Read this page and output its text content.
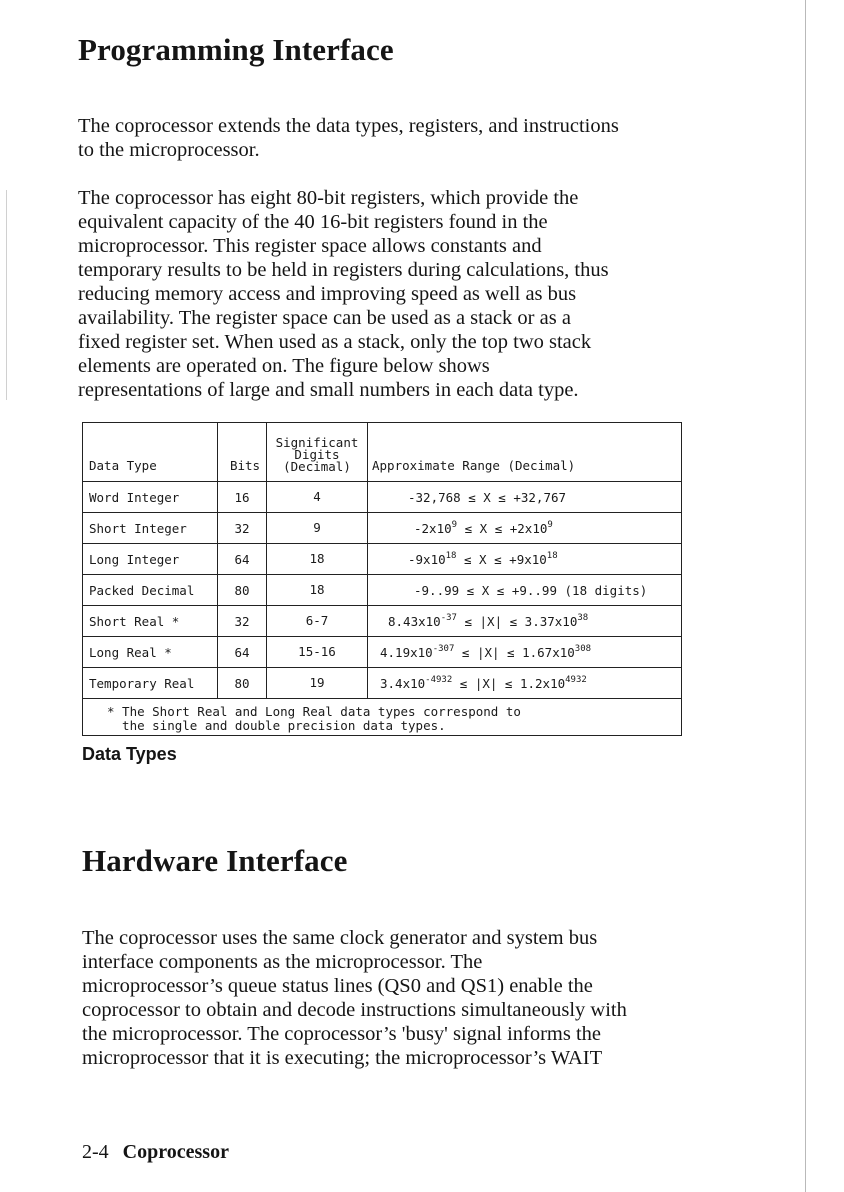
Programming Interface
The coprocessor extends the data types, registers, and instructions
to the microprocessor.
The coprocessor has eight 80-bit registers, which provide the
equivalent capacity of the 40 16-bit registers found in the
microprocessor. This register space allows constants and
temporary results to be held in registers during calculations, thus
reducing memory access and improving speed as well as bus
availability. The register space can be used as a stack or as a
fixed register set. When used as a stack, only the top two stack
elements are operated on. The figure below shows
representations of large and small numbers in each data type.
Data Type	Bits	Significant
Digits
(Decimal)	Approximate Range (Decimal)
Word Integer	16	4	-32,768 ≤ X ≤ +32,767
Short Integer	32	9	$-2x10^9 \le X \le +2x10^9$
Long Integer	64	18	$-9x10^{18} \le X \le +9x10^{18}$
Packed Decimal	80	18	-9..99 ≤ X ≤ +9..99 (18 digits)
Short Real *	32	6-7	$8.43x10^{-37} \le |X| \le 3.37x10^{38}$
Long Real *	64	15-16	$4.19x10^{-307} \le |X| \le 1.67x10^{308}$
Temporary Real	80	19	$3.4x10^{-4932} \le |X| \le 1.2x10^{4932}$

* The Short Real and Long Real data types correspond to
the single and double precision data types.			

Data Types

Hardware Interface
The coprocessor uses the same clock generator and system bus
interface components as the microprocessor. The
microprocessor’s queue status lines (QS0 and QS1) enable the
coprocessor to obtain and decode instructions simultaneously with
the microprocessor. The coprocessor’s 'busy' signal informs the
microprocessor that it is executing; the microprocessor’s WAIT

2-4 Coprocessor
